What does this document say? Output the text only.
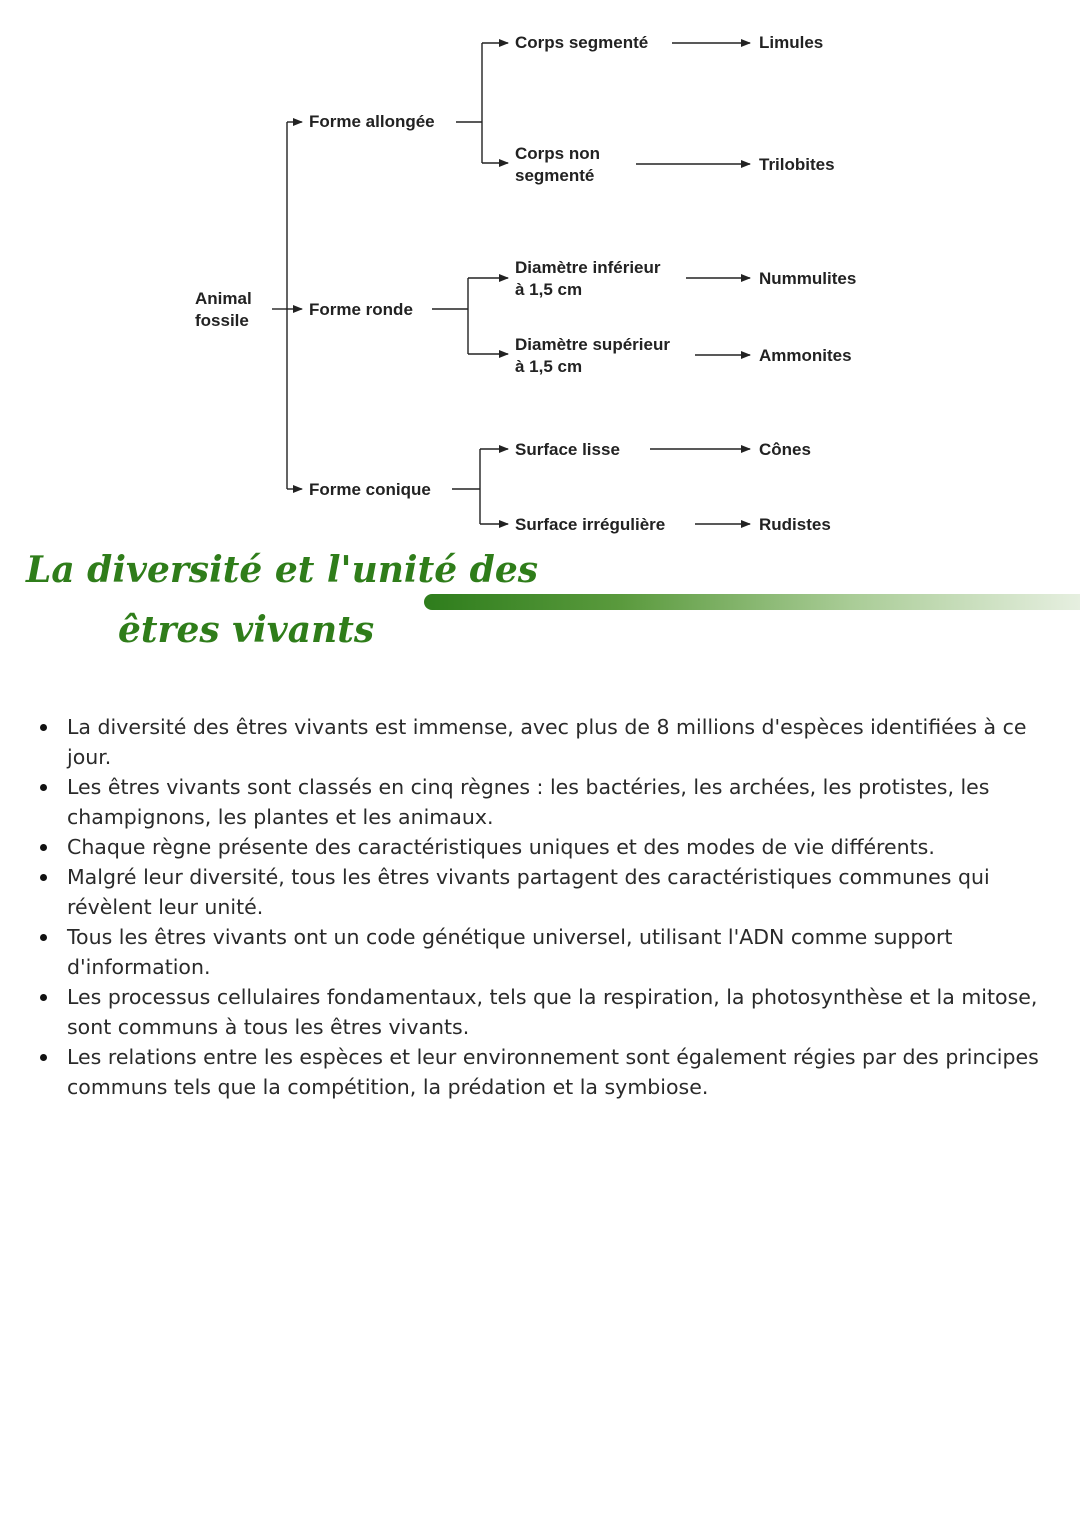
Animal fossile
Forme allongée
Corps segmenté	Limules
Corps non segmenté
Trilobites
Forme ronde
Diamètre inférieur à 1,5 cm
Nummulites
Diamètre supérieur à 1,5 cm
Ammonites
Forme conique
Surface lisse	Cônes
Surface irrégulière	Rudistes
La diversité et l'unité des
êtres vivants
La diversité des êtres vivants est immense, avec plus de 8 millions d'espèces identifiées à ce jour.
Les êtres vivants sont classés en cinq règnes : les bactéries, les archées, les protistes, les champignons, les plantes et les animaux.
Chaque règne présente des caractéristiques uniques et des modes de vie différents.
Malgré leur diversité, tous les êtres vivants partagent des caractéristiques communes qui révèlent leur unité.
Tous les êtres vivants ont un code génétique universel, utilisant l'ADN comme support d'information.
Les processus cellulaires fondamentaux, tels que la respiration, la photosynthèse et la mitose, sont communs à tous les êtres vivants.
Les relations entre les espèces et leur environnement sont également régies par des principes communs tels que la compétition, la prédation et la symbiose.
